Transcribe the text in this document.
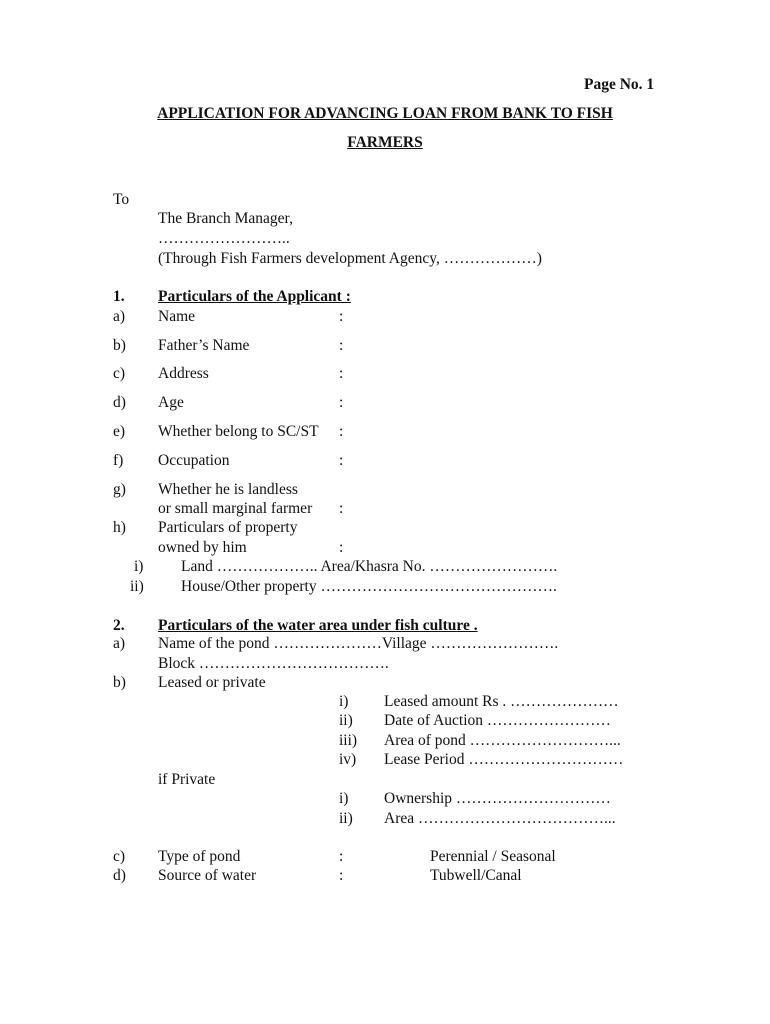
Page No. 1
APPLICATION FOR ADVANCING LOAN FROM BANK TO FISH
FARMERS
To
The Branch Manager,
……………………..
(Through Fish Farmers development Agency, ………………)
1. Particulars of the Applicant :
a) Name	:
b) Father’s Name	:
c) Address	:
d) Age	:
e) Whether belong to SC/ST :
f) Occupation	:
g) Whether he is landless
or small marginal farmer :
h) Particulars of property
owned by him	:
i) Land ……………….. Area/Khasra No. …………………….
ii) House/Other property ……………………………………….
2. Particulars of the water area under fish culture .
a) Name of the pond …………………Village …………………….
Block ……………………………….
b) Leased or private
i) Leased amount Rs . …………………
ii) Date of Auction ……………………
iii) Area of pond ………………………...
iv) Lease Period …………………………
if Private
i) Ownership …………………………
ii) Area ………………………………...
c) Type of pond	:	Perennial / Seasonal
d) Source of water	:	Tubwell/Canal
